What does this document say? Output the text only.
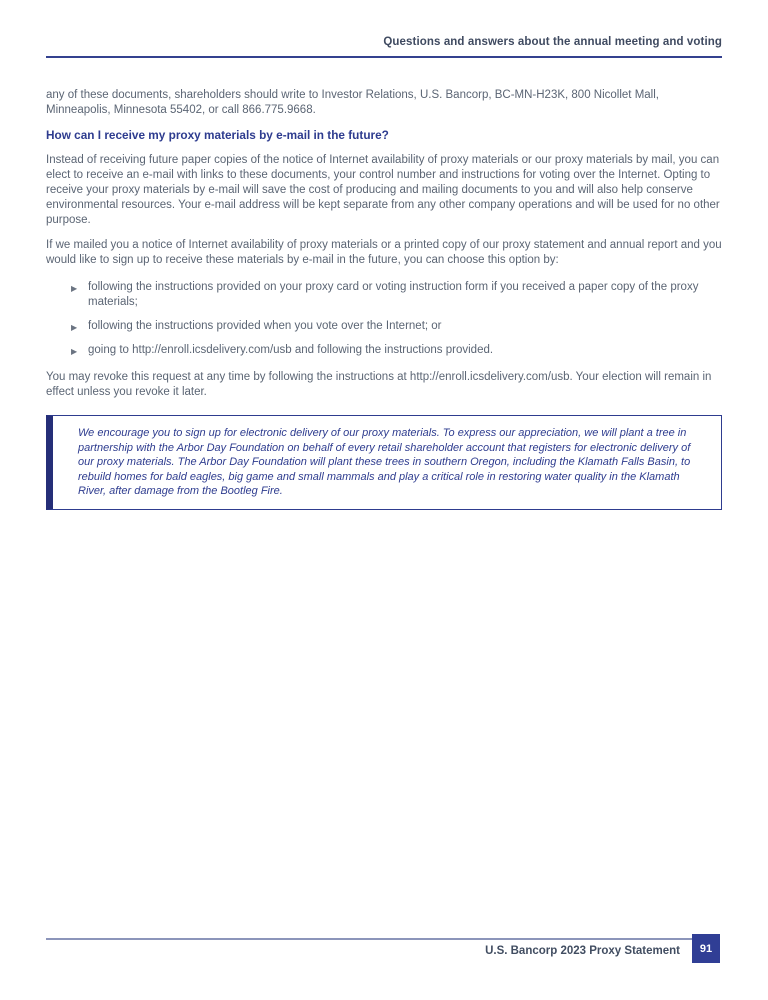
Questions and answers about the annual meeting and voting

any of these documents, shareholders should write to Investor Relations, U.S. Bancorp, BC-MN-H23K, 800 Nicollet Mall, Minneapolis, Minnesota 55402, or call 866.775.9668.

How can I receive my proxy materials by e-mail in the future?

Instead of receiving future paper copies of the notice of Internet availability of proxy materials or our proxy materials by mail, you can elect to receive an e-mail with links to these documents, your control number and instructions for voting over the Internet. Opting to receive your proxy materials by e-mail will save the cost of producing and mailing documents to you and will also help conserve environmental resources. Your e-mail address will be kept separate from any other company operations and will be used for no other purpose.

If we mailed you a notice of Internet availability of proxy materials or a printed copy of our proxy statement and annual report and you would like to sign up to receive these materials by e-mail in the future, you can choose this option by:

▶ following the instructions provided on your proxy card or voting instruction form if you received a paper copy of the proxy materials;
▶ following the instructions provided when you vote over the Internet; or
▶ going to http://enroll.icsdelivery.com/usb and following the instructions provided.

You may revoke this request at any time by following the instructions at http://enroll.icsdelivery.com/usb. Your election will remain in effect unless you revoke it later.

We encourage you to sign up for electronic delivery of our proxy materials. To express our appreciation, we will plant a tree in partnership with the Arbor Day Foundation on behalf of every retail shareholder account that registers for electronic delivery of our proxy materials. The Arbor Day Foundation will plant these trees in southern Oregon, including the Klamath Falls Basin, to rebuild homes for bald eagles, big game and small mammals and play a critical role in restoring water quality in the Klamath River, after damage from the Bootleg Fire.
U.S. Bancorp 2023 Proxy Statement 91
